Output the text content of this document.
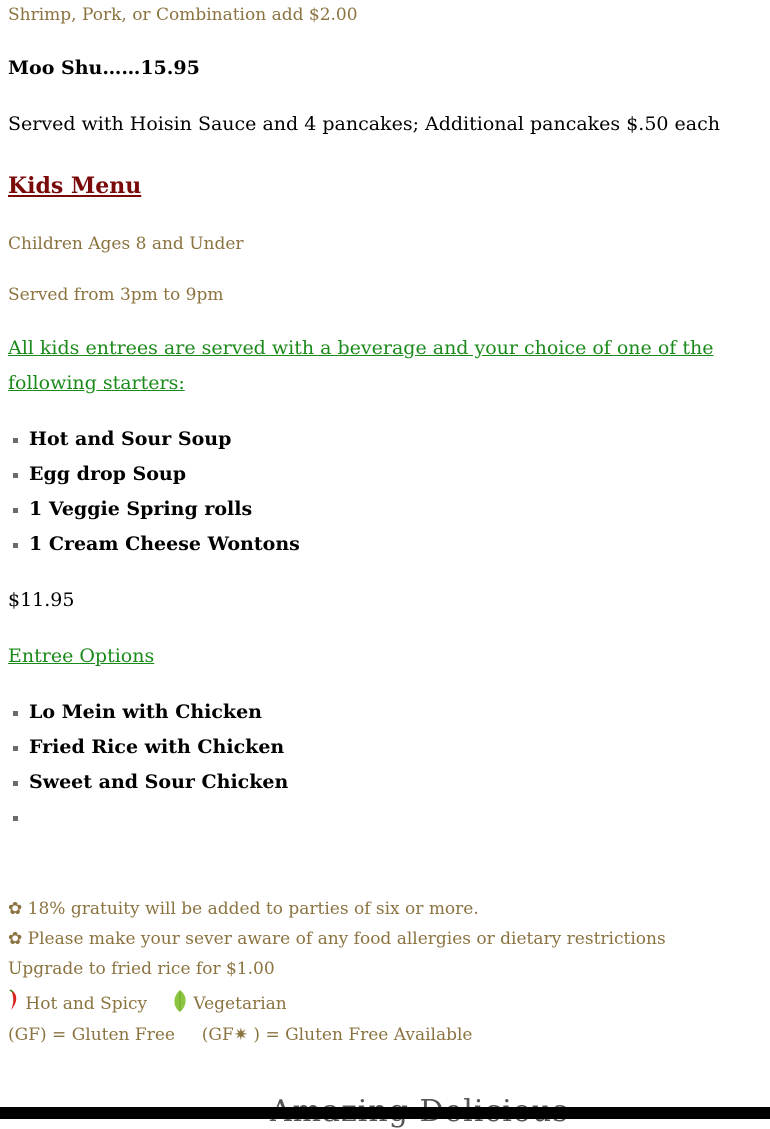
Shrimp, Pork, or Combination add $2.00
Moo Shu……15.95
Served with Hoisin Sauce and 4 pancakes; Additional pancakes $.50 each
Kids Menu
Children Ages 8 and Under
Served from 3pm to 9pm
All kids entrees are served with a beverage and your choice of one of the following starters:
Hot and Sour Soup
Egg drop Soup
1 Veggie Spring rolls
1 Cream Cheese Wontons
$11.95
Entree Options
Lo Mein with Chicken
Fried Rice with Chicken
Sweet and Sour Chicken
✿ 18% gratuity will be added to parties of six or more.
✿ Please make your sever aware of any food allergies or dietary restrictions
Upgrade to fried rice for $1.00
Hot and Spicy	Vegetarian
(GF) = Gluten Free (GF✷ ) = Gluten Free Available
